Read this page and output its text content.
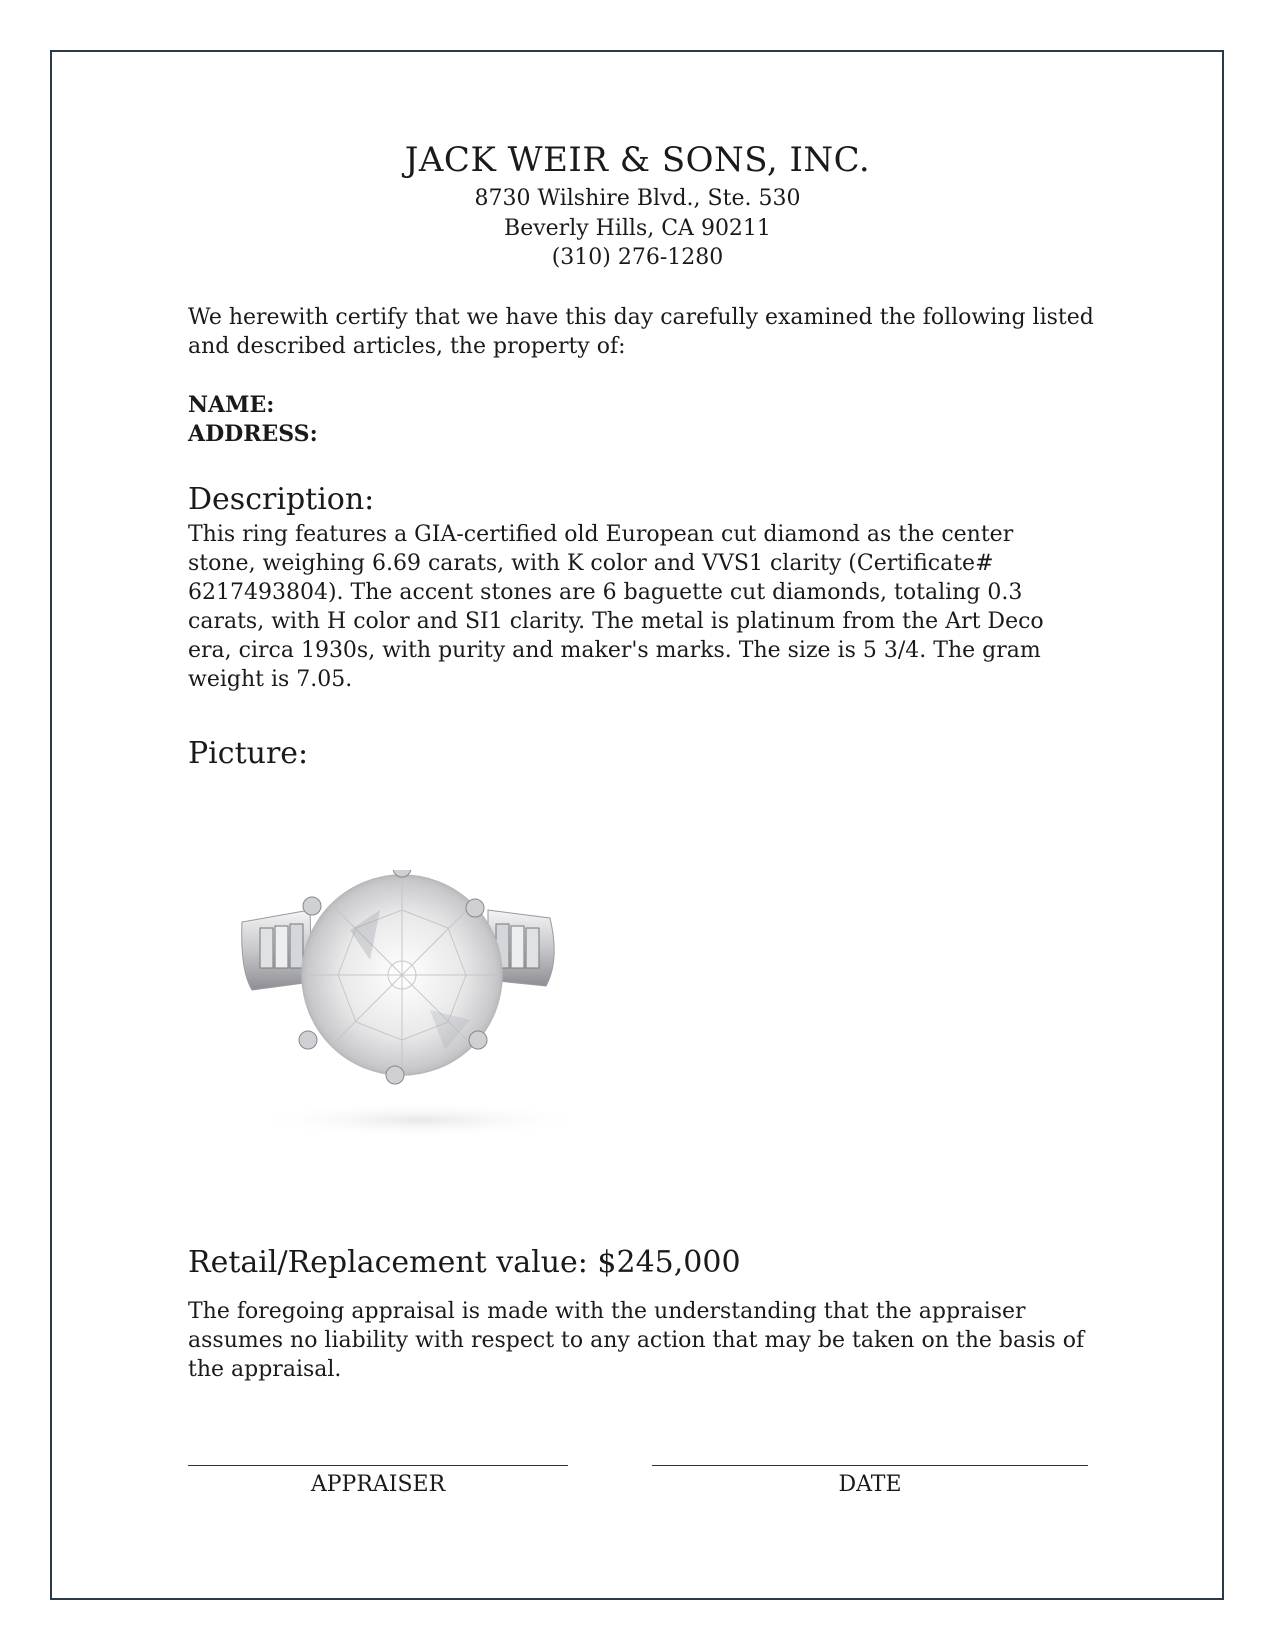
JACK WEIR & SONS, INC.
8730 Wilshire Blvd., Ste. 530
Beverly Hills, CA 90211
(310) 276-1280
We herewith certify that we have this day carefully examined the following listed and described articles, the property of:
NAME:
ADDRESS:
Description:
This ring features a GIA-certified old European cut diamond as the center stone, weighing 6.69 carats, with K color and VVS1 clarity (Certificate# 6217493804). The accent stones are 6 baguette cut diamonds, totaling 0.3 carats, with H color and SI1 clarity. The metal is platinum from the Art Deco era, circa 1930s, with purity and maker's marks. The size is 5 3/4. The gram weight is 7.05.
Picture:
Retail/Replacement value: $245,000
The foregoing appraisal is made with the understanding that the appraiser assumes no liability with respect to any action that may be taken on the basis of the appraisal.
APPRAISER	DATE
